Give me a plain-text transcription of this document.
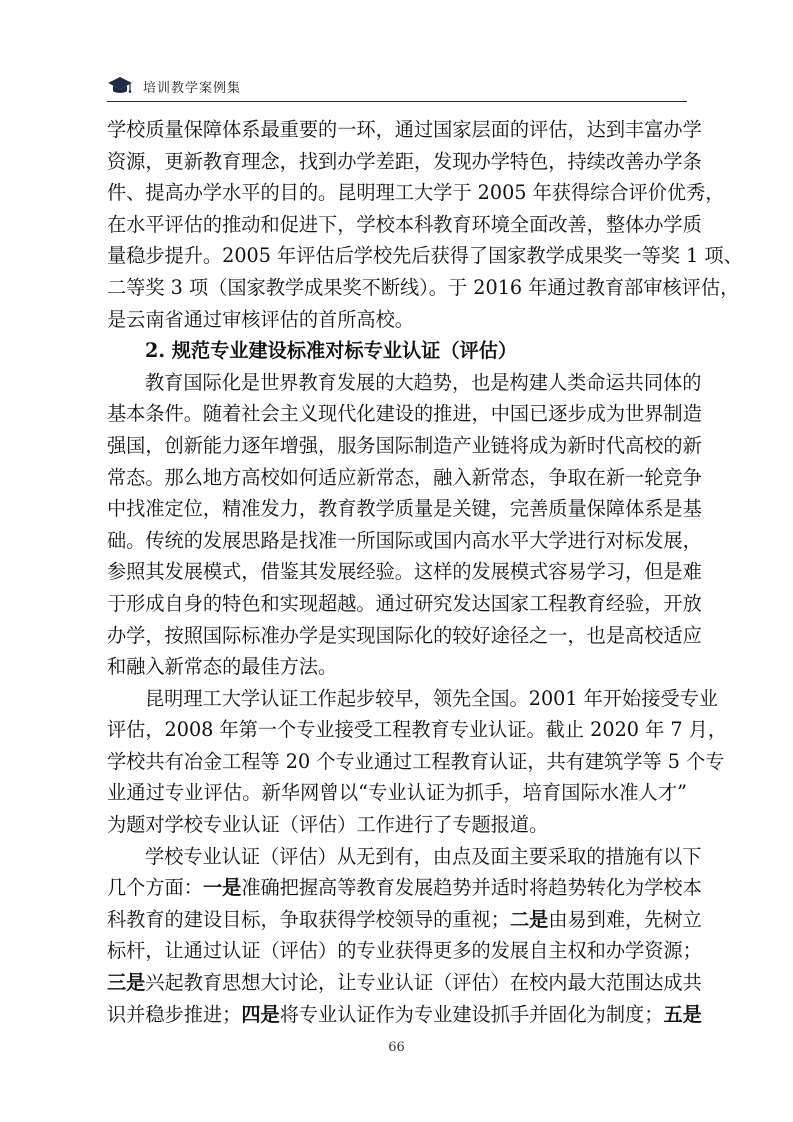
培训教学案例集
学校质量保障体系最重要的一环，通过国家层面的评估，达到丰富办学
资源，更新教育理念，找到办学差距，发现办学特色，持续改善办学条
件、提高办学水平的目的。昆明理工大学于 2005 年获得综合评价优秀，
在水平评估的推动和促进下，学校本科教育环境全面改善，整体办学质
量稳步提升。2005 年评估后学校先后获得了国家教学成果奖一等奖 1 项、
二等奖 3 项（国家教学成果奖不断线）。于 2016 年通过教育部审核评估，
是云南省通过审核评估的首所高校。
2. 规范专业建设标准对标专业认证（评估）
教育国际化是世界教育发展的大趋势，也是构建人类命运共同体的
基本条件。随着社会主义现代化建设的推进，中国已逐步成为世界制造
强国，创新能力逐年增强，服务国际制造产业链将成为新时代高校的新
常态。那么地方高校如何适应新常态，融入新常态，争取在新一轮竞争
中找准定位，精准发力，教育教学质量是关键，完善质量保障体系是基
础。传统的发展思路是找准一所国际或国内高水平大学进行对标发展，
参照其发展模式，借鉴其发展经验。这样的发展模式容易学习，但是难
于形成自身的特色和实现超越。通过研究发达国家工程教育经验，开放
办学，按照国际标准办学是实现国际化的较好途径之一，也是高校适应
和融入新常态的最佳方法。
昆明理工大学认证工作起步较早，领先全国。2001 年开始接受专业
评估，2008 年第一个专业接受工程教育专业认证。截止 2020 年 7 月，
学校共有冶金工程等 20 个专业通过工程教育认证，共有建筑学等 5 个专
业通过专业评估。新华网曾以“专业认证为抓手，培育国际水准人才”
为题对学校专业认证（评估）工作进行了专题报道。
学校专业认证（评估）从无到有，由点及面主要采取的措施有以下
几个方面：一是准确把握高等教育发展趋势并适时将趋势转化为学校本
科教育的建设目标，争取获得学校领导的重视；二是由易到难，先树立
标杆，让通过认证（评估）的专业获得更多的发展自主权和办学资源；
三是兴起教育思想大讨论，让专业认证（评估）在校内最大范围达成共
识并稳步推进；四是将专业认证作为专业建设抓手并固化为制度；五是
66
